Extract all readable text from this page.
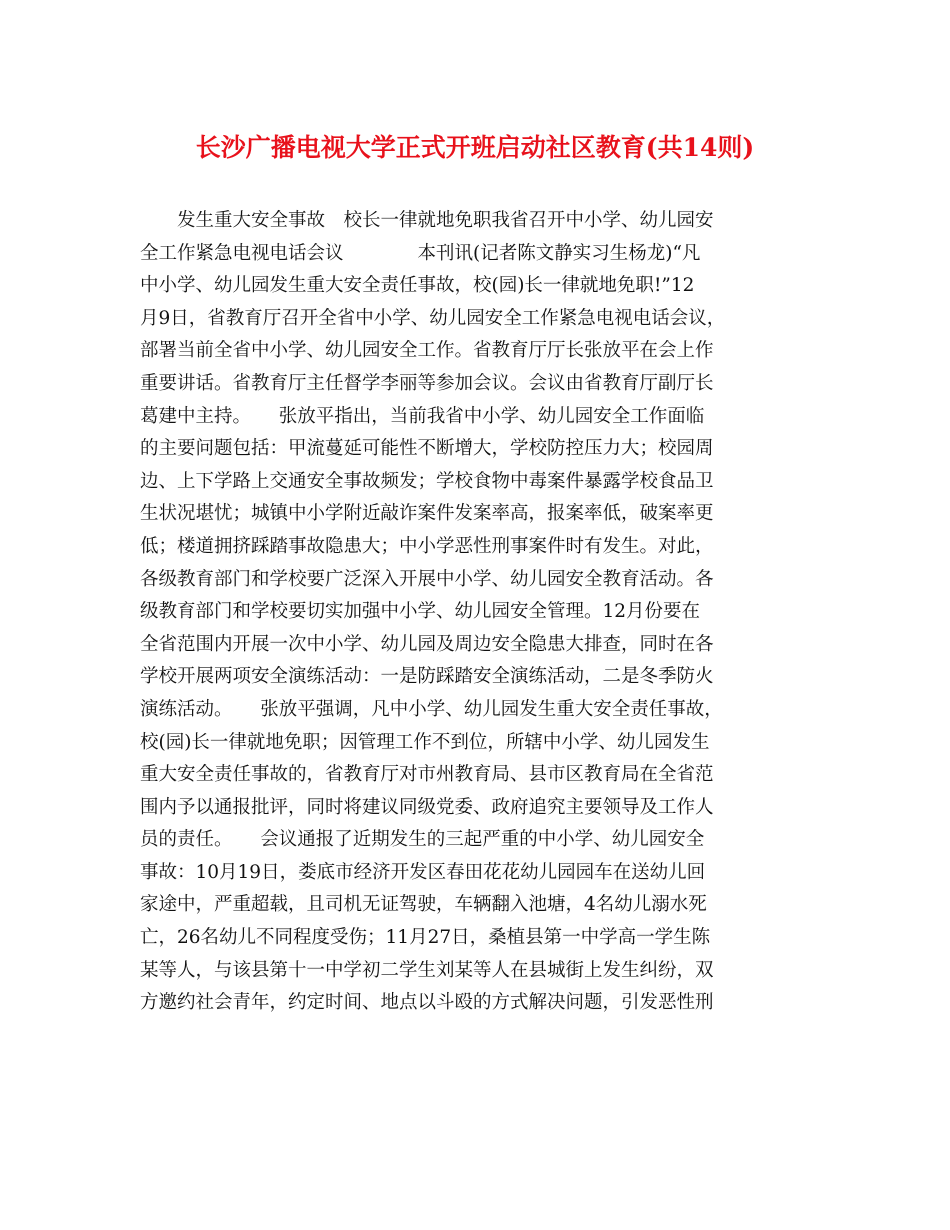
长沙广播电视大学正式开班启动社区教育(共14则)
　　发生重大安全事故　校长一律就地免职我省召开中小学、幼儿园安
全工作紧急电视电话会议　　　　本刊讯(记者陈文静实习生杨龙)“凡
中小学、幼儿园发生重大安全责任事故，校(园)长一律就地免职!”12
月9日，省教育厅召开全省中小学、幼儿园安全工作紧急电视电话会议，
部署当前全省中小学、幼儿园安全工作。省教育厅厅长张放平在会上作
重要讲话。省教育厅主任督学李丽等参加会议。会议由省教育厅副厅长
葛建中主持。　　张放平指出，当前我省中小学、幼儿园安全工作面临
的主要问题包括：甲流蔓延可能性不断增大，学校防控压力大；校园周
边、上下学路上交通安全事故频发；学校食物中毒案件暴露学校食品卫
生状况堪忧；城镇中小学附近敲诈案件发案率高，报案率低，破案率更
低；楼道拥挤踩踏事故隐患大；中小学恶性刑事案件时有发生。对此，
各级教育部门和学校要广泛深入开展中小学、幼儿园安全教育活动。各
级教育部门和学校要切实加强中小学、幼儿园安全管理。12月份要在
全省范围内开展一次中小学、幼儿园及周边安全隐患大排查，同时在各
学校开展两项安全演练活动：一是防踩踏安全演练活动，二是冬季防火
演练活动。　　张放平强调，凡中小学、幼儿园发生重大安全责任事故，
校(园)长一律就地免职；因管理工作不到位，所辖中小学、幼儿园发生
重大安全责任事故的，省教育厅对市州教育局、县市区教育局在全省范
围内予以通报批评，同时将建议同级党委、政府追究主要领导及工作人
员的责任。　　会议通报了近期发生的三起严重的中小学、幼儿园安全
事故：10月19日，娄底市经济开发区春田花花幼儿园园车在送幼儿回
家途中，严重超载，且司机无证驾驶，车辆翻入池塘，4名幼儿溺水死
亡，26名幼儿不同程度受伤；11月27日，桑植县第一中学高一学生陈
某等人，与该县第十一中学初二学生刘某等人在县城街上发生纠纷，双
方邀约社会青年，约定时间、地点以斗殴的方式解决问题，引发恶性刑
